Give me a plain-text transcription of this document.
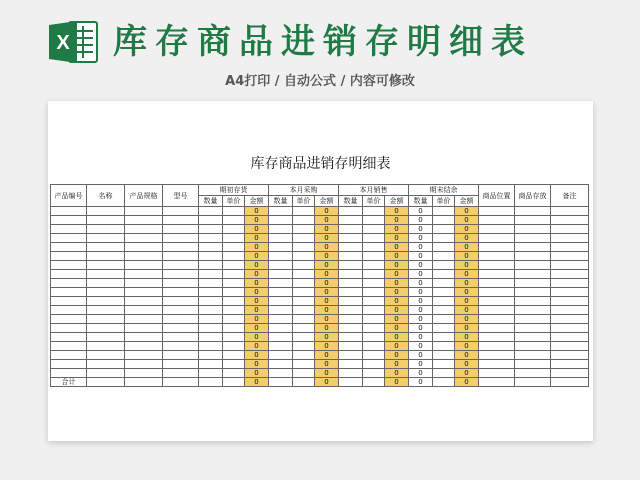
X 库存商品进销存明细表
A4打印 / 自动公式 / 内容可修改
库存商品进销存明细表
产品编号	名称	产品规格	型号	期初存货			本月采购			本月销售			期末结余			商品位置	商品存放	备注
				数量	单价	金额	数量	单价	金额	数量	单价	金额	数量	单价	金额			
						0			0			0	0		0			
						0			0			0	0		0			
						0			0			0	0		0			
						0			0			0	0		0			
						0			0			0	0		0			
						0			0			0	0		0			
						0			0			0	0		0			
						0			0			0	0		0			
						0			0			0	0		0			
						0			0			0	0		0			
						0			0			0	0		0			
						0			0			0	0		0			
						0			0			0	0		0			
						0			0			0	0		0			
						0			0			0	0		0			
						0			0			0	0		0			
						0			0			0	0		0			
						0			0			0	0		0			
						0			0			0	0		0			
合计						0			0			0	0		0			
